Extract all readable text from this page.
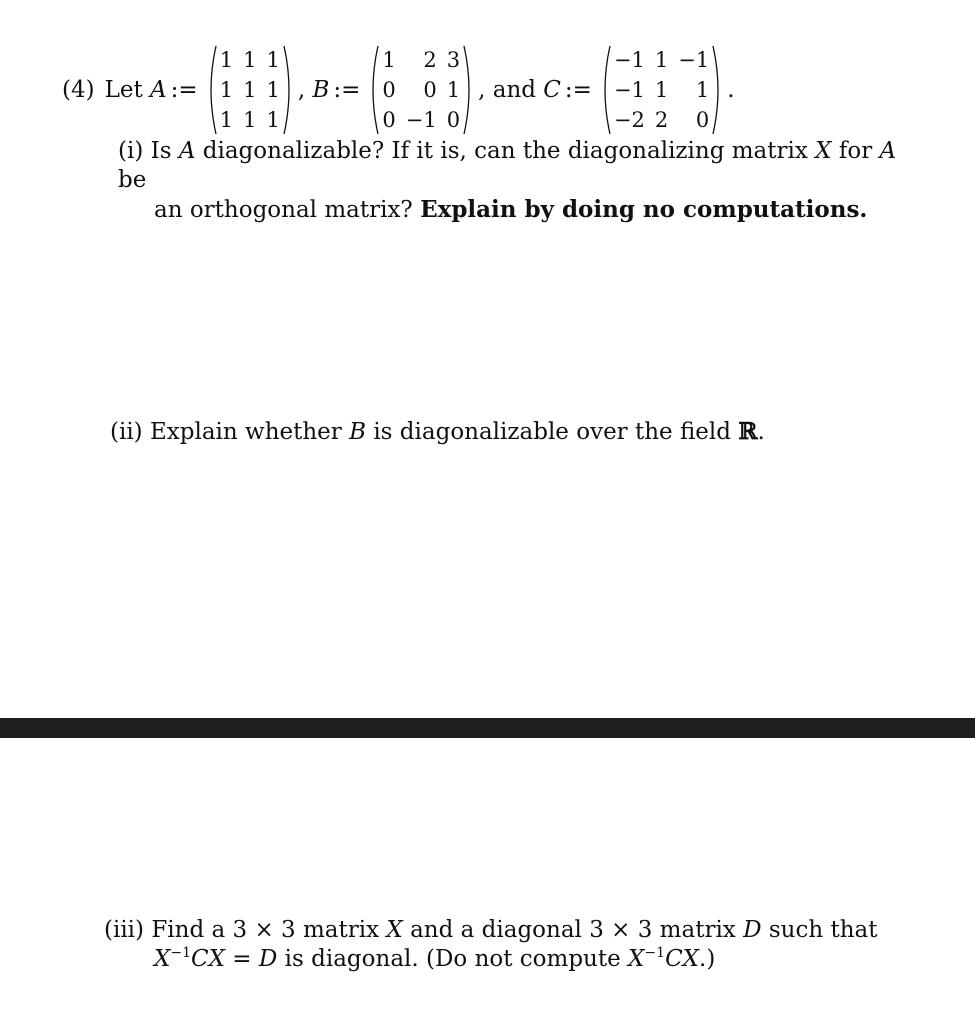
(4) Let
A :=
1 1 1
1 1 1
1 1 1
,
B :=
1	2 3
0	0 1
0 −1 0
, and
C :=
−1 1 −1
−1 1	1
−2 2	0
.
(i) Is A diagonalizable? If it is, can the diagonalizing matrix X for A be
an orthogonal matrix? Explain by doing no computations.
(ii) Explain whether B is diagonalizable over the field ℝ.
(iii) Find a 3 × 3 matrix X and a diagonal 3 × 3 matrix D such that
$X^{-1}CX = D$ is diagonal. (Do not compute $X^{-1}CX$.)
